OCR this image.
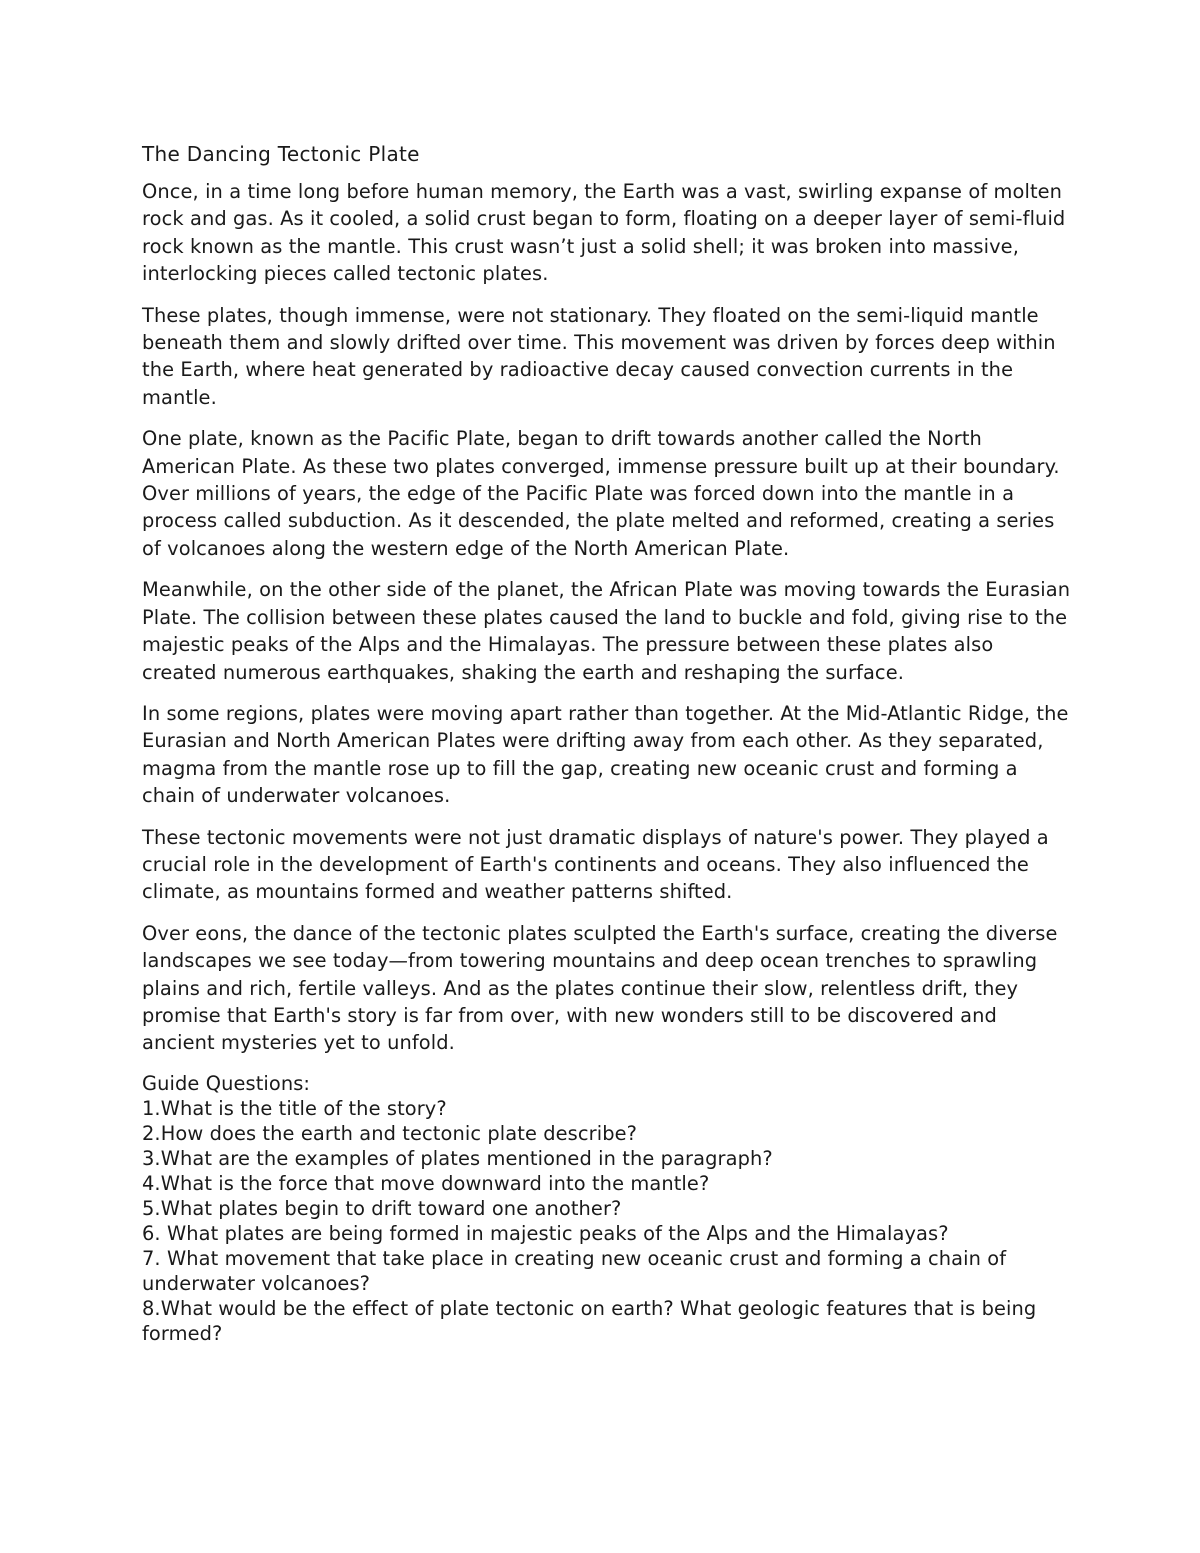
The Dancing Tectonic Plate

Once, in a time long before human memory, the Earth was a vast, swirling expanse of molten rock and gas. As it cooled, a solid crust began to form, floating on a deeper layer of semi-fluid rock known as the mantle. This crust wasn’t just a solid shell; it was broken into massive, interlocking pieces called tectonic plates.

These plates, though immense, were not stationary. They floated on the semi-liquid mantle beneath them and slowly drifted over time. This movement was driven by forces deep within the Earth, where heat generated by radioactive decay caused convection currents in the mantle.

One plate, known as the Pacific Plate, began to drift towards another called the North American Plate. As these two plates converged, immense pressure built up at their boundary. Over millions of years, the edge of the Pacific Plate was forced down into the mantle in a process called subduction. As it descended, the plate melted and reformed, creating a series of volcanoes along the western edge of the North American Plate.

Meanwhile, on the other side of the planet, the African Plate was moving towards the Eurasian Plate. The collision between these plates caused the land to buckle and fold, giving rise to the majestic peaks of the Alps and the Himalayas. The pressure between these plates also created numerous earthquakes, shaking the earth and reshaping the surface.

In some regions, plates were moving apart rather than together. At the Mid-Atlantic Ridge, the Eurasian and North American Plates were drifting away from each other. As they separated, magma from the mantle rose up to fill the gap, creating new oceanic crust and forming a chain of underwater volcanoes.

These tectonic movements were not just dramatic displays of nature's power. They played a crucial role in the development of Earth's continents and oceans. They also influenced the climate, as mountains formed and weather patterns shifted.

Over eons, the dance of the tectonic plates sculpted the Earth's surface, creating the diverse landscapes we see today—from towering mountains and deep ocean trenches to sprawling plains and rich, fertile valleys. And as the plates continue their slow, relentless drift, they promise that Earth's story is far from over, with new wonders still to be discovered and ancient mysteries yet to unfold.

Guide Questions:
1.What is the title of the story?
2.How does the earth and tectonic plate describe?
3.What are the examples of plates mentioned in the paragraph?
4.What is the force that move downward into the mantle?
5.What plates begin to drift toward one another?
6. What plates are being formed in majestic peaks of the Alps and the Himalayas?
7. What movement that take place in creating new oceanic crust and forming a chain of underwater volcanoes?
8.What would be the effect of plate tectonic on earth? What geologic features that is being formed?
